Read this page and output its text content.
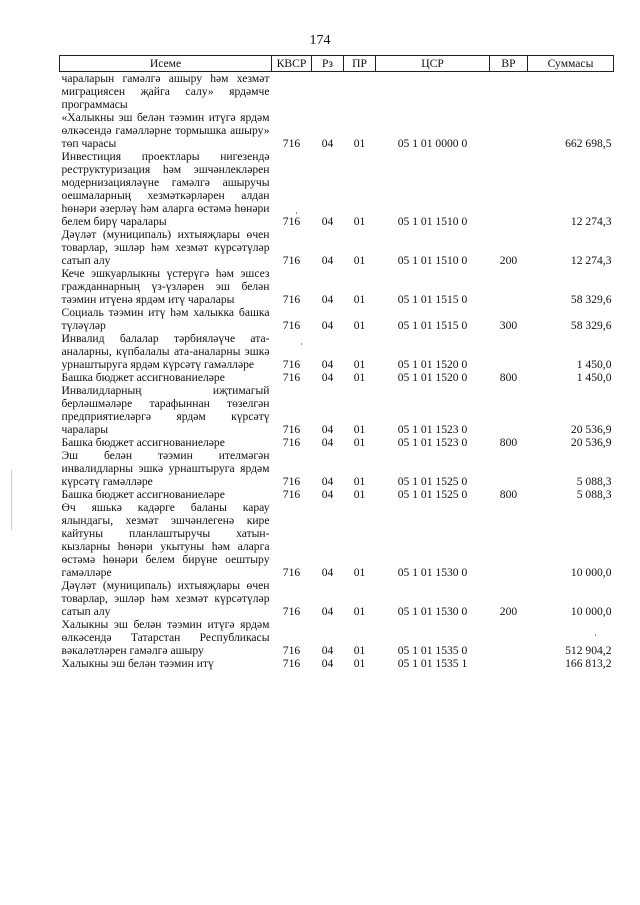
174
Исеме	КВСР	Рз	ПР	ЦСР	ВР	Суммасы
чараларын гамәлгә ашыру һәм хезмәт миграциясен җайга салу» ярдәмче программасы						
«Халыкны эш белән тәэмин итүгә ярдәм өлкәсендә гамәлләрне тормышка ашыру» төп чарасы	716	04	01	05 1 01 0000 0		662 698,5
Инвестиция проектлары нигезендә реструктуризация һәм эшчәнлекләрен модернизацияләүне гамәлгә ашыручы оешмаларның хезмәткәрләрен алдан һөнәри әзерләү һәм аларга өстәмә һөнәри белем бирү чаралары	716	04	01	05 1 01 1510 0		12 274,3
Дәүләт (муниципаль) ихтыяҗлары өчен товарлар, эшләр һәм хезмәт күрсәтүләр сатып алу	716	04	01	05 1 01 1510 0	200	12 274,3
Кече эшкуарлыкны үстерүгә һәм эшсез гражданнарның үз-үзләрен эш белән тәэмин итүенә ярдәм итү чаралары	716	04	01	05 1 01 1515 0		58 329,6
Социаль тәэмин итү һәм халыкка башка түләүләр	716	04	01	05 1 01 1515 0	300	58 329,6
Инвалид балалар тәрбияләүче ата-аналарны, күпбалалы ата-аналарны эшкә урнаштыруга ярдәм күрсәтү гамәлләре	716	04	01	05 1 01 1520 0		1 450,0
Башка бюджет ассигнованиеләре	716	04	01	05 1 01 1520 0	800	1 450,0
Инвалидларның иҗтимагый берләшмәләре тарафыннан төзелгән предприятиеләргә ярдәм күрсәтү чаралары	716	04	01	05 1 01 1523 0		20 536,9
Башка бюджет ассигнованиеләре	716	04	01	05 1 01 1523 0	800	20 536,9
Эш белән тәэмин ителмәгән инвалидларны эшкә урнаштыруга ярдәм күрсәтү гамәлләре	716	04	01	05 1 01 1525 0		5 088,3
Башка бюджет ассигнованиеләре	716	04	01	05 1 01 1525 0	800	5 088,3
Өч яшькә кадәрге баланы карау ялындагы, хезмәт эшчәнлегенә кире кайтуны планлаштыручы хатын-кызларны һөнәри укытуны һәм аларга өстәмә һөнәри белем бирүне оештыру гамәлләре	716	04	01	05 1 01 1530 0		10 000,0
Дәүләт (муниципаль) ихтыяҗлары өчен товарлар, эшләр һәм хезмәт күрсәтүләр сатып алу	716	04	01	05 1 01 1530 0	200	10 000,0
Халыкны эш белән тәэмин итүгә ярдәм өлкәсендә Татарстан Республикасы вәкаләтләрен гамәлгә ашыру	716	04	01	05 1 01 1535 0		512 904,2
Халыкны эш белән тәэмин итү	716	04	01	05 1 01 1535 1		166 813,2
